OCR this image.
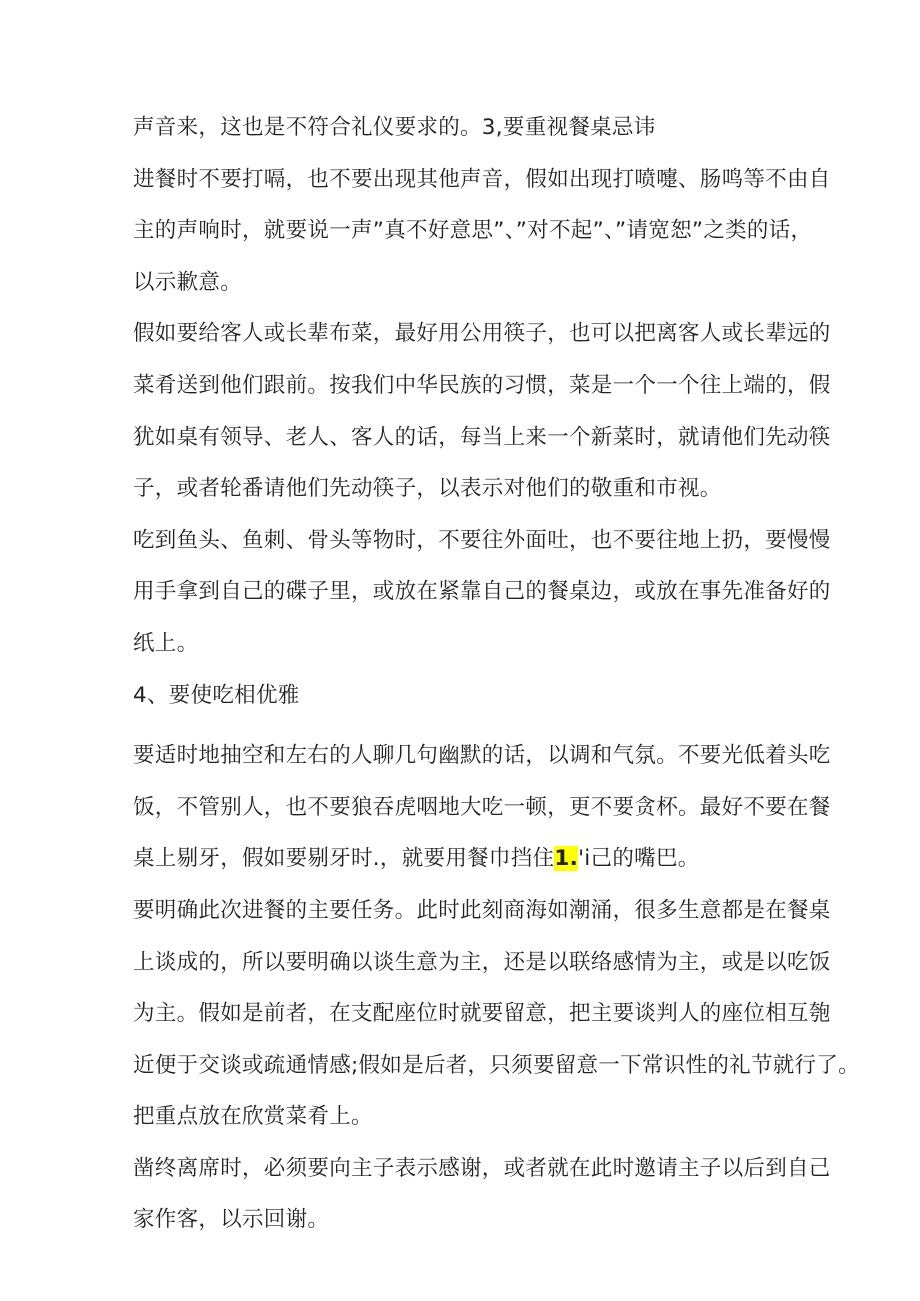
声音来，这也是不符合礼仪要求的。3,要重视餐桌忌讳
进餐时不要打嗝，也不要出现其他声音，假如出现打喷嚏、肠鸣等不由自
主的声响时，就要说一声”真不好意思”、”对不起”、”请宽恕”之类的话，
以示歉意。
假如要给客人或长辈布菜，最好用公用筷子，也可以把离客人或长辈远的
菜肴送到他们跟前。按我们中华民族的习惯，菜是一个一个往上端的，假
犹如桌有领导、老人、客人的话，每当上来一个新菜时，就请他们先动筷
子，或者轮番请他们先动筷子，以表示对他们的敬重和市视。
吃到鱼头、鱼刺、骨头等物时，不要往外面吐，也不要往地上扔，要慢慢
用手拿到自己的碟子里，或放在紧靠自己的餐桌边，或放在事先准备好的
纸上。
4、要使吃相优雅
要适时地抽空和左右的人聊几句幽默的话，以调和气氛。不要光低着头吃
饭，不管别人，也不要狼吞虎咽地大吃一顿，更不要贪杯。最好不要在餐
桌上剔牙，假如要剔牙时.，就要用餐巾挡住1.'i己的嘴巴。
要明确此次进餐的主要任务。此时此刻商海如潮涌，很多生意都是在餐桌
上谈成的，所以要明确以谈生意为主，还是以联络感情为主，或是以吃饭
为主。假如是前者，在支配座位时就要留意，把主要谈判人的座位相互匏
近便于交谈或疏通情感;假如是后者，只须要留意一下常识性的礼节就行了。
把重点放在欣赏菜肴上。
凿终离席时，必须要向主子表示感谢，或者就在此时邀请主子以后到自己
家作客，以示回谢。
